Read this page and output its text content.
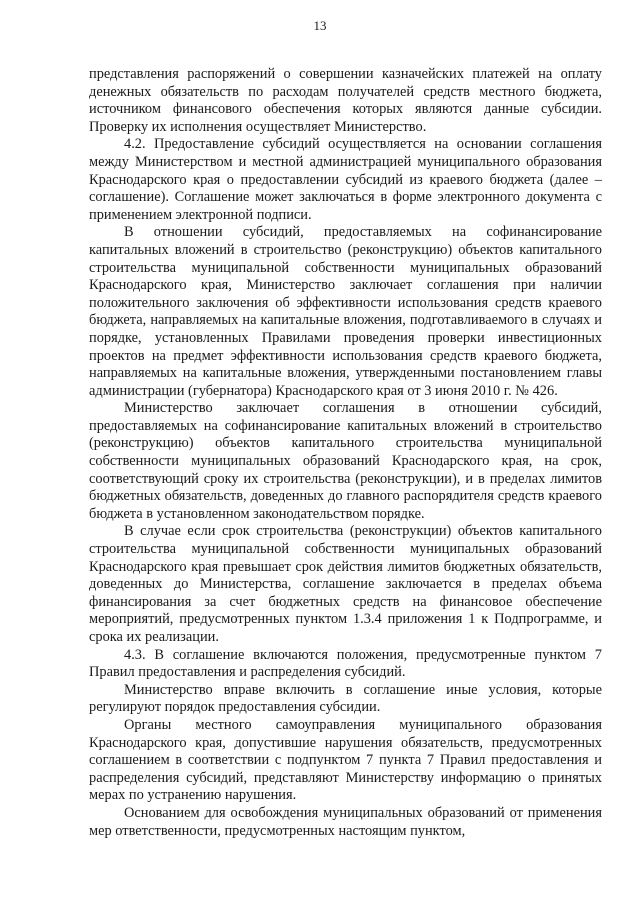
13

представления распоряжений о совершении казначейских платежей на оплату денежных обязательств по расходам получателей средств местного бюджета, источником финансового обеспечения которых являются данные субсидии. Проверку их исполнения осуществляет Министерство.

4.2. Предоставление субсидий осуществляется на основании соглашения между Министерством и местной администрацией муниципального образования Краснодарского края о предоставлении субсидий из краевого бюджета (далее – соглашение). Соглашение может заключаться в форме электронного документа с применением электронной подписи.

В отношении субсидий, предоставляемых на софинансирование капитальных вложений в строительство (реконструкцию) объектов капитального строительства муниципальной собственности муниципальных образований Краснодарского края, Министерство заключает соглашения при наличии положительного заключения об эффективности использования средств краевого бюджета, направляемых на капитальные вложения, подготавливаемого в случаях и порядке, установленных Правилами проведения проверки инвестиционных проектов на предмет эффективности использования средств краевого бюджета, направляемых на капитальные вложения, утвержденными постановлением главы администрации (губернатора) Краснодарского края от 3 июня 2010 г. № 426.

Министерство заключает соглашения в отношении субсидий, предоставляемых на софинансирование капитальных вложений в строительство (реконструкцию) объектов капитального строительства муниципальной собственности муниципальных образований Краснодарского края, на срок, соответствующий сроку их строительства (реконструкции), и в пределах лимитов бюджетных обязательств, доведенных до главного распорядителя средств краевого бюджета в установленном законодательством порядке.

В случае если срок строительства (реконструкции) объектов капитального строительства муниципальной собственности муниципальных образований Краснодарского края превышает срок действия лимитов бюджетных обязательств, доведенных до Министерства, соглашение заключается в пределах объема финансирования за счет бюджетных средств на финансовое обеспечение мероприятий, предусмотренных пунктом 1.3.4 приложения 1 к Подпрограмме, и срока их реализации.

4.3. В соглашение включаются положения, предусмотренные пунктом 7 Правил предоставления и распределения субсидий.

Министерство вправе включить в соглашение иные условия, которые регулируют порядок предоставления субсидии.

Органы местного самоуправления муниципального образования Краснодарского края, допустившие нарушения обязательств, предусмотренных соглашением в соответствии с подпунктом 7 пункта 7 Правил предоставления и распределения субсидий, представляют Министерству информацию о принятых мерах по устранению нарушения.

Основанием для освобождения муниципальных образований от применения мер ответственности, предусмотренных настоящим пунктом,
